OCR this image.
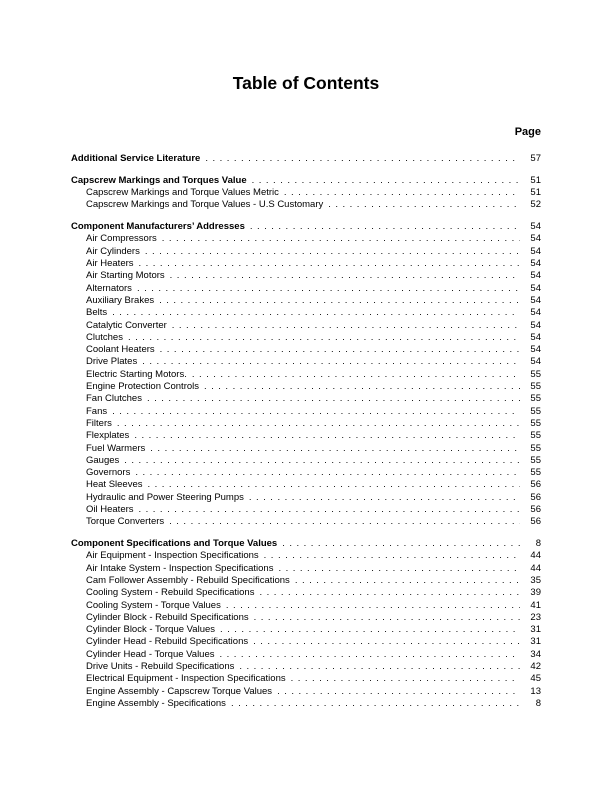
Table of Contents
Page
Additional Service Literature .....	57
Capscrew Markings and Torques Value .....	51
Capscrew Markings and Torque Values Metric .....	51
Capscrew Markings and Torque Values - U.S Customary .....	52
Component Manufacturers’ Addresses .....	54
Air Compressors .....	54
Air Cylinders .....	54
Air Heaters .....	54
Air Starting Motors .....	54
Alternators .....	54
Auxiliary Brakes .....	54
Belts .....	54
Catalytic Converter .....	54
Clutches .....	54
Coolant Heaters .....	54
Drive Plates .....	54
Electric Starting Motors. .....	55
Engine Protection Controls .....	55
Fan Clutches .....	55
Fans .....	55
Filters .....	55
Flexplates .....	55
Fuel Warmers .....	55
Gauges .....	55
Governors .....	55
Heat Sleeves .....	56
Hydraulic and Power Steering Pumps .....	56
Oil Heaters .....	56
Torque Converters .....	56
Component Specifications and Torque Values .....	8
Air Equipment - Inspection Specifications .....	44
Air Intake System - Inspection Specifications .....	44
Cam Follower Assembly - Rebuild Specifications .....	35
Cooling System - Rebuild Specifications .....	39
Cooling System - Torque Values .....	41
Cylinder Block - Rebuild Specifications .....	23
Cylinder Block - Torque Values .....	31
Cylinder Head - Rebuild Specifications .....	31
Cylinder Head - Torque Values .....	34
Drive Units - Rebuild Specifications .....	42
Electrical Equipment - Inspection Specifications .....	45
Engine Assembly - Capscrew Torque Values .....	13
Engine Assembly - Specifications .....	8
